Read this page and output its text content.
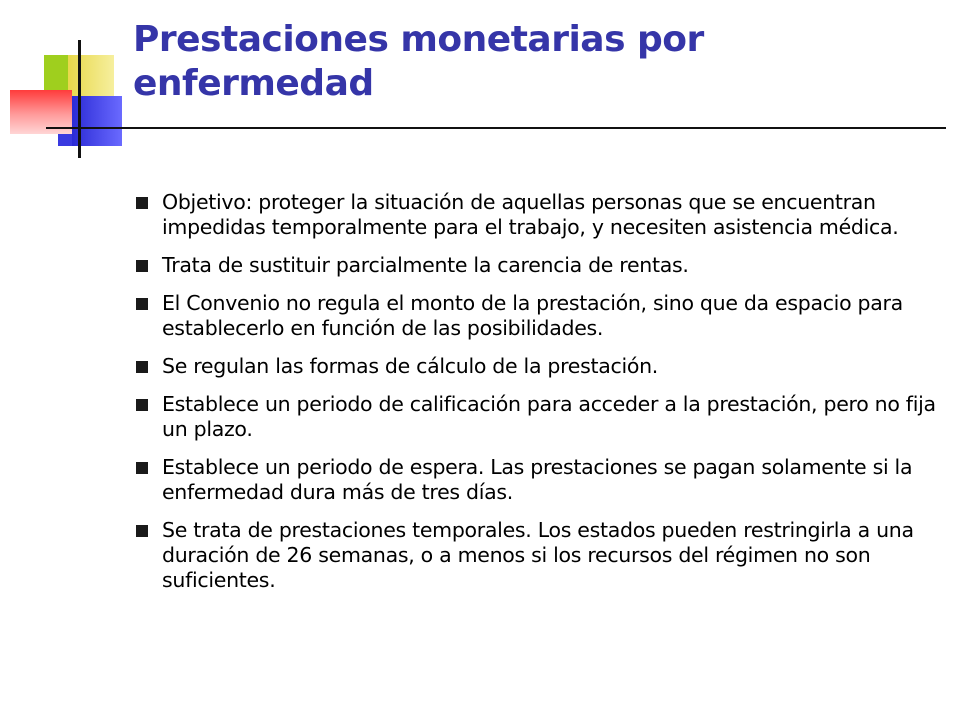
Prestaciones monetarias por enfermedad
Objetivo: proteger la situación de aquellas personas que se encuentran impedidas temporalmente para el trabajo, y necesiten asistencia médica.
Trata de sustituir parcialmente la carencia de rentas.
El Convenio no regula el monto de la prestación, sino que da espacio para establecerlo en función de las posibilidades.
Se regulan las formas de cálculo de la prestación.
Establece un periodo de calificación para acceder a la prestación, pero no fija un plazo.
Establece un periodo de espera. Las prestaciones se pagan solamente si la enfermedad dura más de tres días.
Se trata de prestaciones temporales. Los estados pueden restringirla a una duración de 26 semanas, o a menos si los recursos del régimen no son suficientes.
